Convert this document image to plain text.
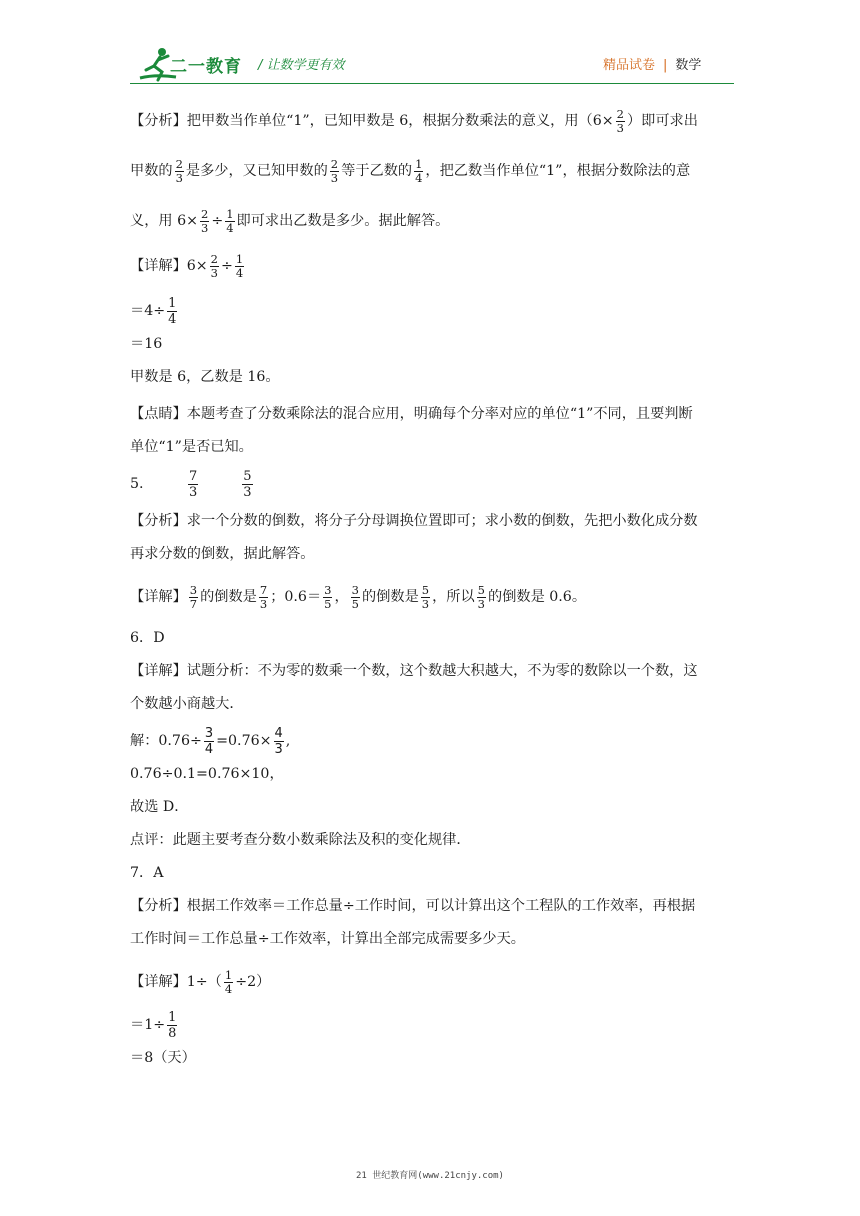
二一教育 / 让数学更有效	精品试卷 | 数学
【分析】把甲数当作单位“1”，已知甲数是 6，根据分数乘法的意义，用（$6\times \frac{2}{3}$ ）即可求出
甲数的 $\frac{2}{3}$ 是多少，又已知甲数的 $\frac{2}{3}$ 等于乙数的 $\frac{1}{4}$ ，把乙数当作单位“1”，根据分数除法的意
义，用 $6\times \frac{2}{3} \div \frac{1}{4}$ 即可求出乙数是多少。据此解答。
【详解】$6\times \frac{2}{3} \div \frac{1}{4}$
$=4\div \frac{1}{4}$
＝16
甲数是 6，乙数是 16。
【点睛】本题考查了分数乘除法的混合应用，明确每个分率对应的单位“1”不同，且要判断
单位“1”是否已知。
5.	$\frac{7}{3}$	$\frac{5}{3}$
【分析】求一个分数的倒数，将分子分母调换位置即可；求小数的倒数，先把小数化成分数
再求分数的倒数，据此解答。
【详解】 $\frac{3}{7}$ 的倒数是 $\frac{7}{3}$ ；$0.6= \frac{3}{5}$ ， $\frac{3}{5}$ 的倒数是 $\frac{5}{3}$ ，所以 $\frac{5}{3}$ 的倒数是 0.6。
6．D
【详解】试题分析：不为零的数乘一个数，这个数越大积越大，不为零的数除以一个数，这
个数越小商越大．
解：$0.76\div \frac{3}{4} =0.76\times \frac{4}{3}$ ,
0.76÷0.1=0.76×10，
故选 D．
点评：此题主要考查分数小数乘除法及积的变化规律．
7．A
【分析】根据工作效率＝工作总量÷工作时间，可以计算出这个工程队的工作效率，再根据
工作时间＝工作总量÷工作效率，计算出全部完成需要多少天。
【详解】$1\div( \frac{1}{4} \div 2)$
$=1\div \frac{1}{8}$
＝8（天）
21 世纪教育网(www.21cnjy.com)
